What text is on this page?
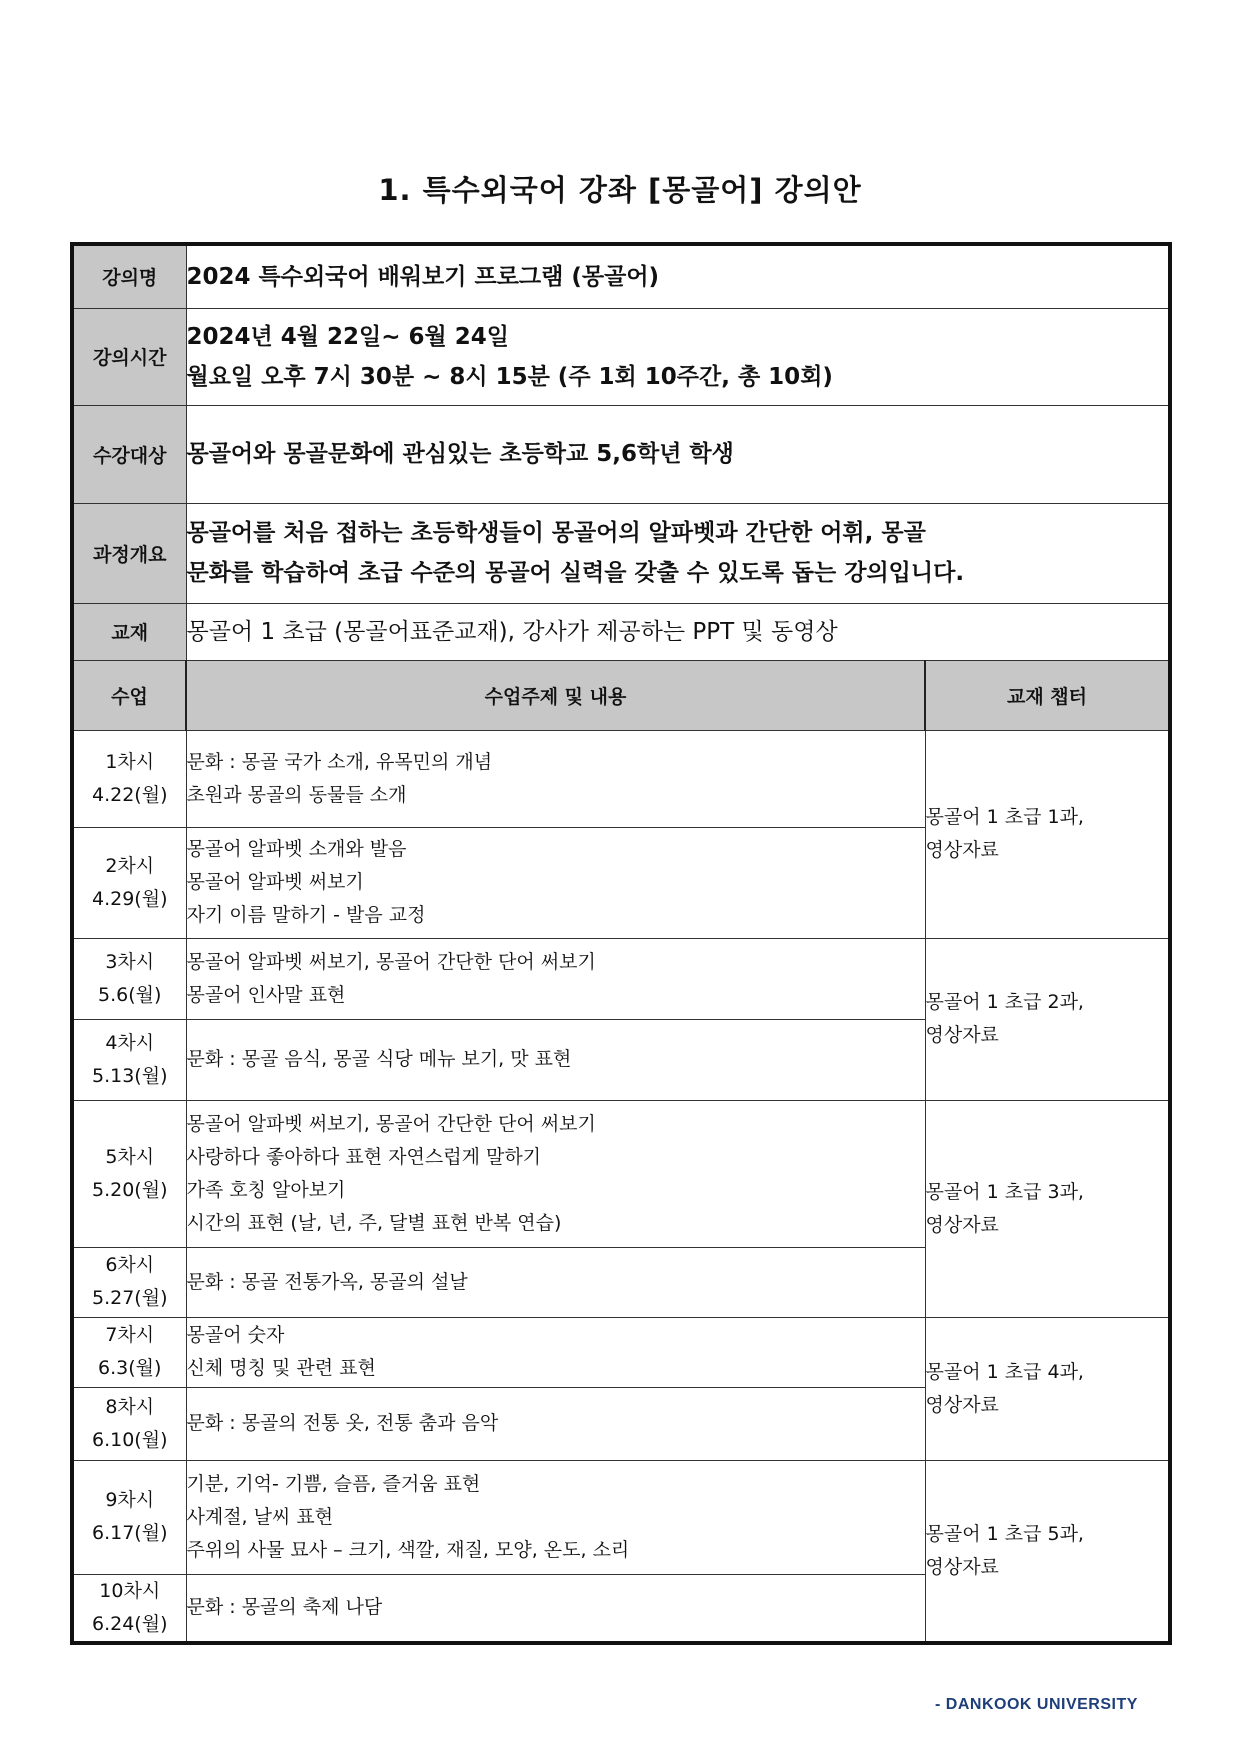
1. 특수외국어 강좌 [몽골어] 강의안
강의명	2024 특수외국어 배워보기 프로그램 (몽골어)	
강의시간	2024년 4월 22일~ 6월 24일
월요일 오후 7시 30분 ~ 8시 15분 (주 1회 10주간, 총 10회)	

수강대상	몽골어와 몽골문화에 관심있는 초등학교 5,6학년 학생	
과정개요	몽골어를 처음 접하는 초등학생들이 몽골어의 알파벳과 간단한 어휘, 몽골
문화를 학습하여 초급 수준의 몽골어 실력을 갖출 수 있도록 돕는 강의입니다.	

교재	몽골어 1 초급 (몽골어표준교재), 강사가 제공하는 PPT 및 동영상	
수업	수업주제 및 내용	교재 챕터

1차시
4.22(월)	문화 : 몽골 국가 소개, 유목민의 개념
초원과 몽골의 동물들 소개	몽골어 1 초급 1과,
영상자료

2차시
4.29(월)	몽골어 알파벳 소개와 발음
몽골어 알파벳 써보기
자기 이름 말하기 - 발음 교정	

3차시
5.6(월)	몽골어 알파벳 써보기, 몽골어 간단한 단어 써보기
몽골어 인사말 표현	몽골어 1 초급 2과,
영상자료

4차시
5.13(월)	문화 : 몽골 음식, 몽골 식당 메뉴 보기, 맛 표현	

5차시
5.20(월)	몽골어 알파벳 써보기, 몽골어 간단한 단어 써보기
사랑하다 좋아하다 표현 자연스럽게 말하기
가족 호칭 알아보기
시간의 표현 (날, 년, 주, 달별 표현 반복 연습)	몽골어 1 초급 3과,
영상자료

6차시
5.27(월)	문화 : 몽골 전통가옥, 몽골의 설날	

7차시
6.3(월)	몽골어 숫자
신체 명칭 및 관련 표현	몽골어 1 초급 4과,
영상자료

8차시
6.10(월)	문화 : 몽골의 전통 옷, 전통 춤과 음악	

9차시
6.17(월)	기분, 기억- 기쁨, 슬픔, 즐거움 표현
사계절, 날씨 표현
주위의 사물 묘사 – 크기, 색깔, 재질, 모양, 온도, 소리	몽골어 1 초급 5과,
영상자료

10차시
6.24(월)	문화 : 몽골의 축제 나담	
- DANKOOK UNIVERSITY
